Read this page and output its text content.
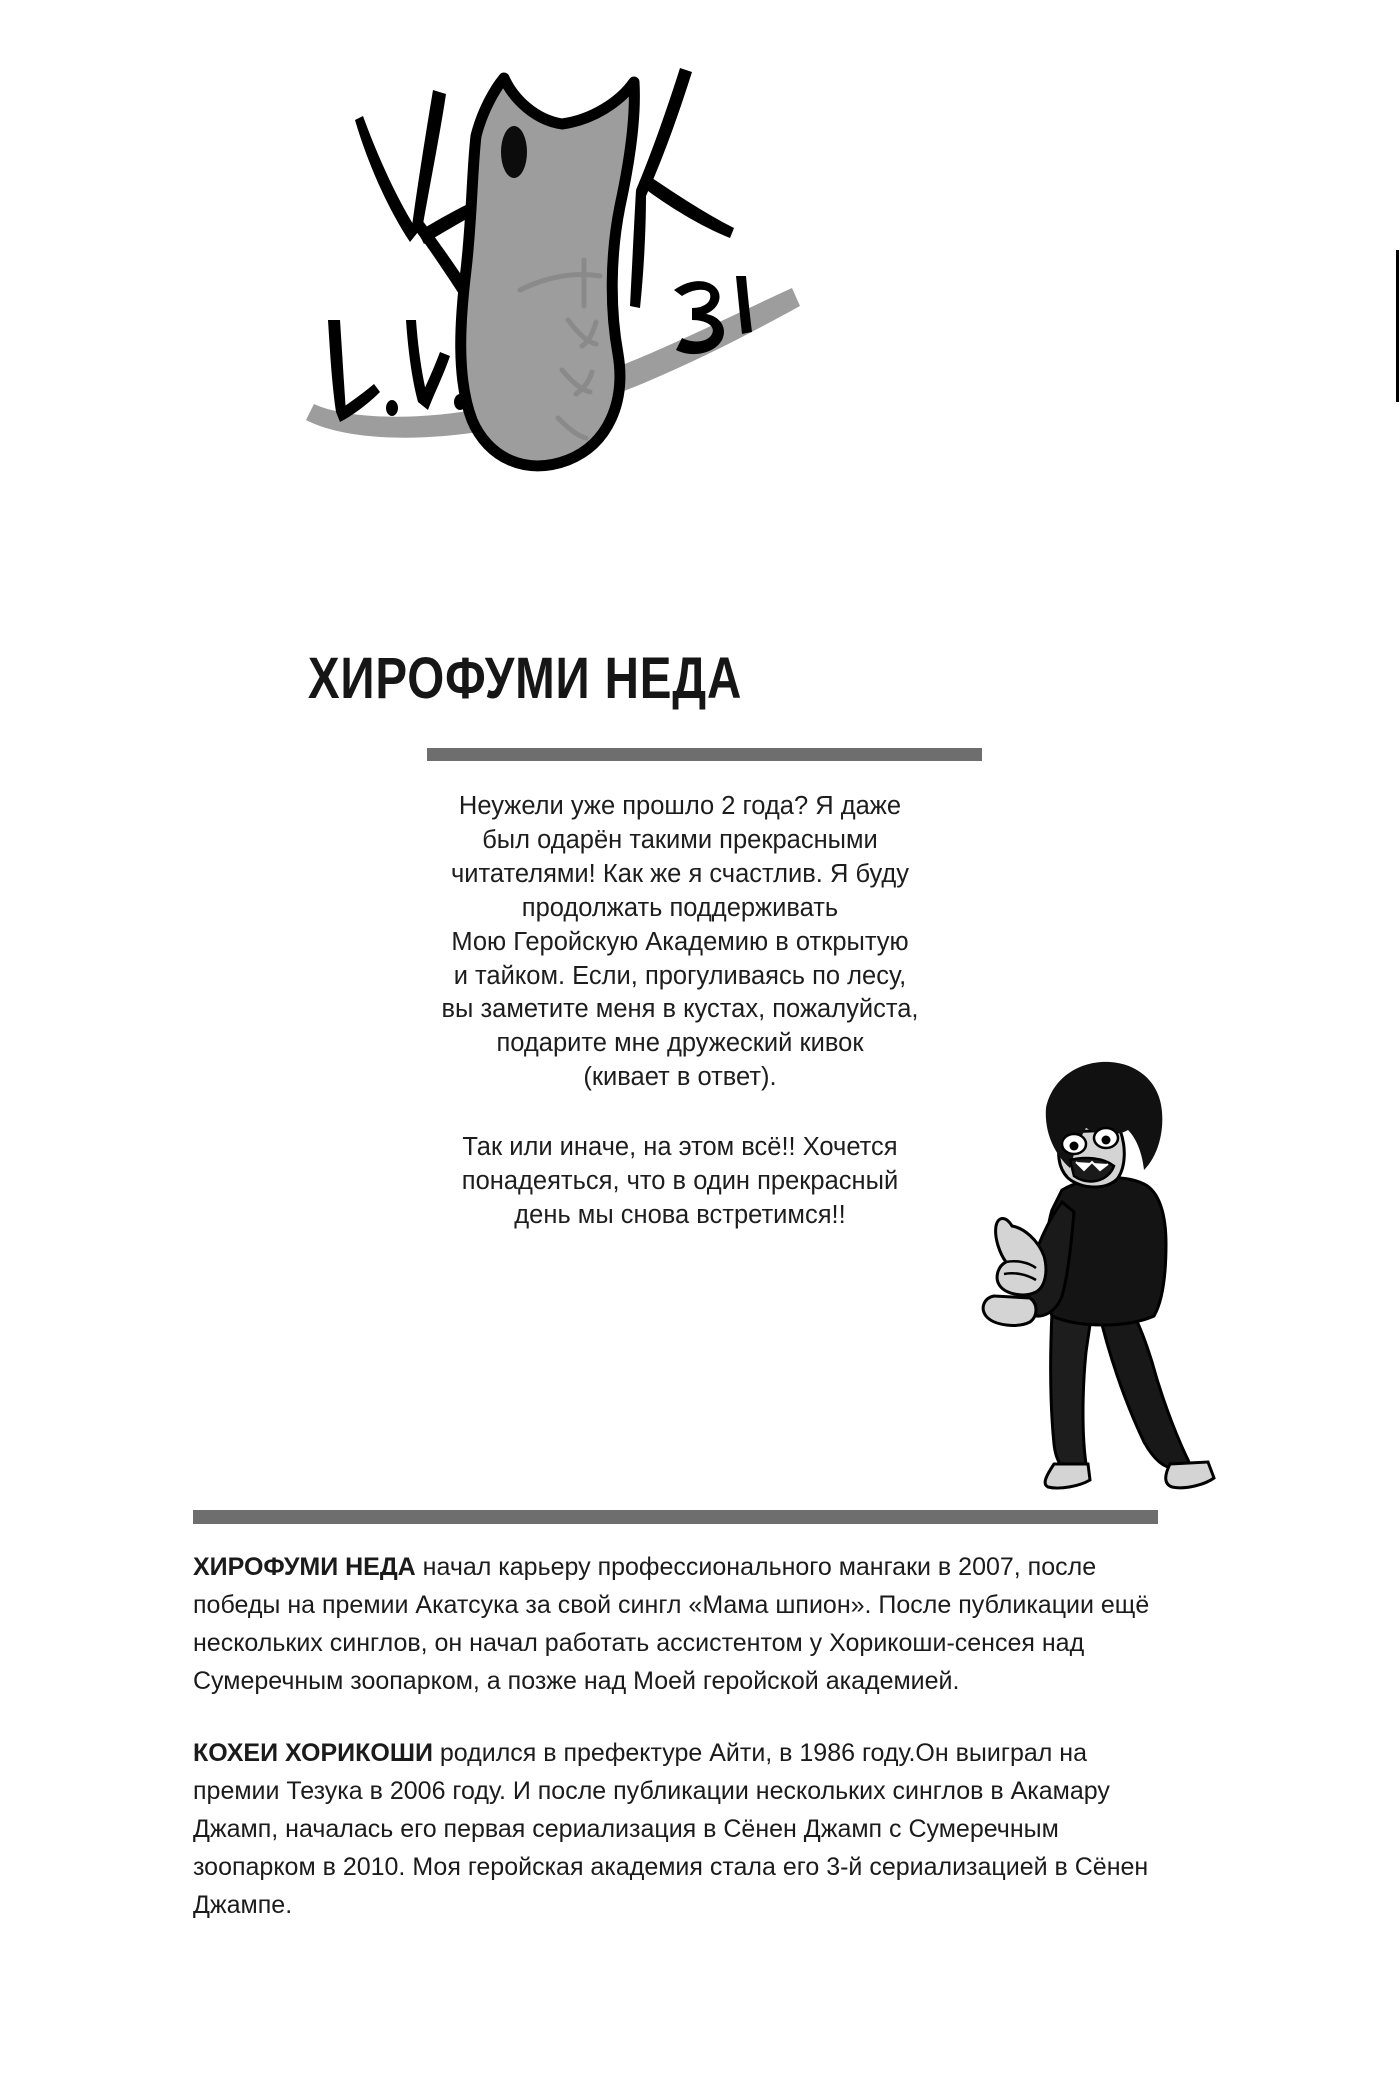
ХИРОФУМИ НЕДА

Неужели уже прошло 2 года? Я даже
был одарён такими прекрасными
читателями! Как же я счастлив. Я буду
продолжать поддерживать
Мою Геройскую Академию в открытую
и тайком. Если, прогуливаясь по лесу,
вы заметите меня в кустах, пожалуйста,
подарите мне дружеский кивок
(кивает в ответ).

Так или иначе, на этом всё!! Хочется
понадеяться, что в один прекрасный
день мы снова встретимся!!

ХИРОФУМИ НЕДА начал карьеру профессионального мангаки в 2007, после победы на премии Акатсука за свой сингл «Мама шпион». После публикации ещё нескольких синглов, он начал работать ассистентом у Хорикоши-сенсея над Сумеречным зоопарком, а позже над Моей геройской академией.

КОХЕИ ХОРИКОШИ родился в префектуре Айти, в 1986 году.Он выиграл на премии Тезука в 2006 году. И после публикации нескольких синглов в Акамару Джамп, началась его первая сериализация в Сёнен Джамп с Сумеречным зоопарком в 2010. Моя геройская академия стала его 3-й сериализацией в Сёнен Джампе.
